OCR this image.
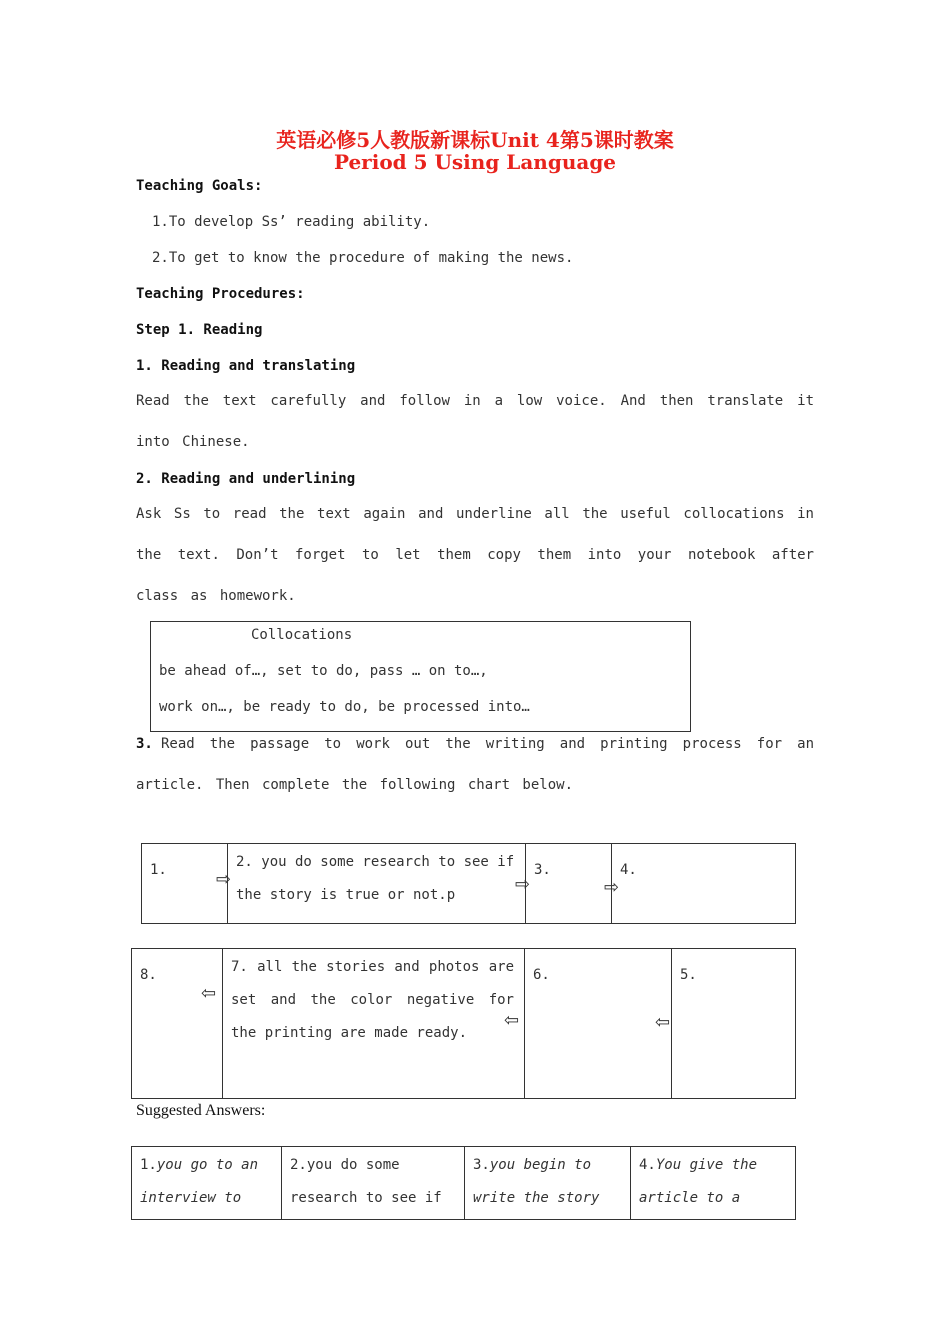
英语必修5人教版新课标Unit 4第5课时教案
Period 5 Using Language
Teaching Goals:
1.To develop Ss’ reading ability.
2.To get to know the procedure of making the news.
Teaching Procedures:
Step 1. Reading
1. Reading and translating
Read the text carefully and follow in a low voice. And then translate it into Chinese.
2. Reading and underlining
Ask Ss to read the text again and underline all the useful collocations in the text. Don’t forget to let them copy them into your notebook after class as homework.
Collocations
be ahead of…, set to do, pass … on to…,
work on…, be ready to do, be processed into…
3. Read the passage to work out the writing and printing process for an article. Then complete the following chart below.
1.	2. you do some research to see if
the story is true or not.p
3.	4.
⇨	⇨	⇨
8.	7. all the stories and photos are
set and the color negative for
the printing are made ready.
6.	5.
⇦
⇦	⇦
Suggested Answers:
1.you go to an
interview to
2.you do some
research to see if
3.you begin to
write the story
4.You give the
article to a
